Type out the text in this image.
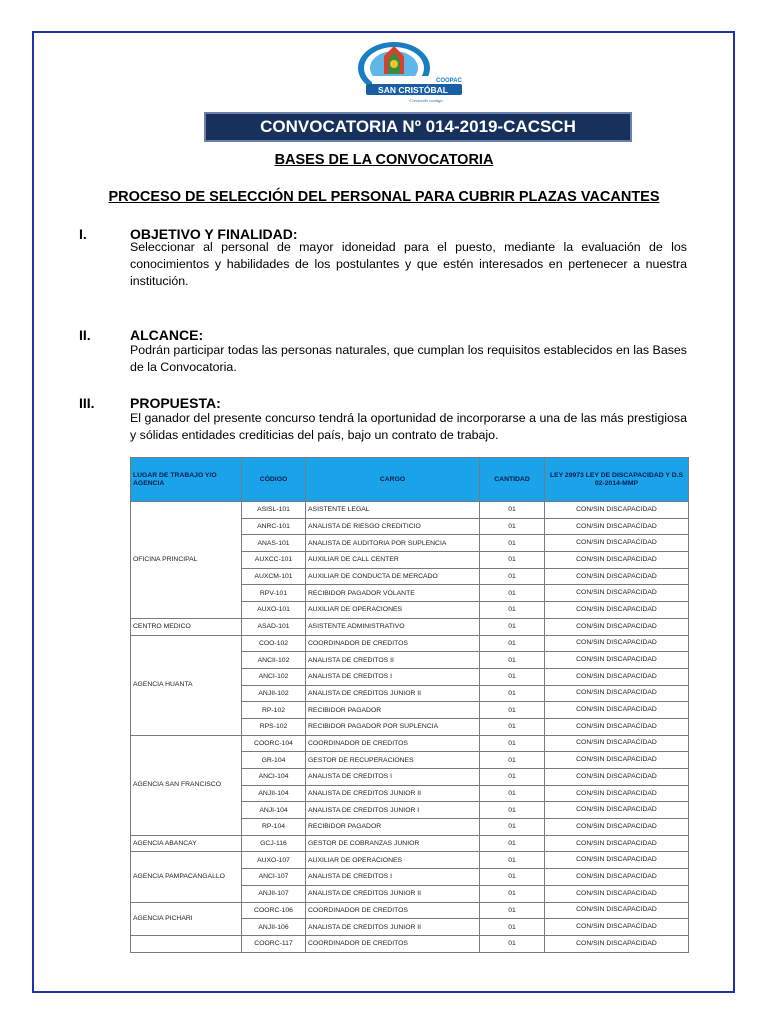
COOPAC
SAN CRISTÓBAL
Creciendo contigo
CONVOCATORIA Nº 014-2019-CACSCH
BASES DE LA CONVOCATORIA
PROCESO DE SELECCIÓN DEL PERSONAL PARA CUBRIR PLAZAS VACANTES
I.	OBJETIVO Y FINALIDAD:
Seleccionar al personal de mayor idoneidad para el puesto, mediante la evaluación de los conocimientos y habilidades de los postulantes y que estén interesados en pertenecer a nuestra institución.
II.	ALCANCE:
Podrán participar todas las personas naturales, que cumplan los requisitos establecidos en las Bases de la Convocatoria.
III.	PROPUESTA:
El ganador del presente concurso tendrá la oportunidad de incorporarse a una de las más prestigiosa y sólidas entidades crediticias del país, bajo un contrato de trabajo.
LUGAR DE TRABAJO Y/O AGENCIA	CÓDIGO	CARGO	CANTIDAD	LEY 29973 LEY DE DISCAPACIDAD Y D.S 02-2014-MMP
OFICINA PRINCIPAL	ASISL-101	ASISTENTE LEGAL	01	CON/SIN DISCAPACIDAD
	ANRC-101	ANALISTA DE RIESGO CREDITICIO	01	CON/SIN DISCAPACIDAD
	ANAS-101	ANALISTA DE AUDITORIA POR SUPLENCIA	01	CON/SIN DISCAPACIDAD
	AUXCC-101	AUXILIAR DE CALL CENTER	01	CON/SIN DISCAPACIDAD
	AUXCM-101	AUXILIAR DE CONDUCTA DE MERCADO	01	CON/SIN DISCAPACIDAD
	RPV-101	RECIBIDOR PAGADOR VOLANTE	01	CON/SIN DISCAPACIDAD
	AUXO-101	AUXILIAR DE OPERACIONES	01	CON/SIN DISCAPACIDAD
CENTRO MEDICO	ASAD-101	ASISTENTE ADMINISTRATIVO	01	CON/SIN DISCAPACIDAD
AGENCIA HUANTA	COO-102	COORDINADOR DE CREDITOS	01	CON/SIN DISCAPACIDAD
	ANCII-102	ANALISTA DE CREDITOS II	01	CON/SIN DISCAPACIDAD
	ANCI-102	ANALISTA DE CREDITOS I	01	CON/SIN DISCAPACIDAD
	ANJII-102	ANALISTA DE CREDITOS JUNIOR II	01	CON/SIN DISCAPACIDAD
	RP-102	RECIBIDOR PAGADOR	01	CON/SIN DISCAPACIDAD
	RPS-102	RECIBIDOR PAGADOR POR SUPLENCIA	01	CON/SIN DISCAPACIDAD
AGENCIA SAN FRANCISCO	COORC-104	COORDINADOR DE CREDITOS	01	CON/SIN DISCAPACIDAD
	GR-104	GESTOR DE RECUPERACIONES	01	CON/SIN DISCAPACIDAD
	ANCI-104	ANALISTA DE CREDITOS I	01	CON/SIN DISCAPACIDAD
	ANJII-104	ANALISTA DE CREDITOS JUNIOR II	01	CON/SIN DISCAPACIDAD
	ANJI-104	ANALISTA DE CREDITOS JUNIOR I	01	CON/SIN DISCAPACIDAD
	RP-104	RECIBIDOR PAGADOR	01	CON/SIN DISCAPACIDAD
AGENCIA ABANCAY	GCJ-116	GESTOR DE COBRANZAS JUNIOR	01	CON/SIN DISCAPACIDAD
AGENCIA PAMPACANGALLO	AUXO-107	AUXILIAR DE OPERACIONES	01	CON/SIN DISCAPACIDAD
	ANCI-107	ANALISTA DE CREDITOS I	01	CON/SIN DISCAPACIDAD
	ANJII-107	ANALISTA DE CREDITOS JUNIOR II	01	CON/SIN DISCAPACIDAD
AGENCIA PICHARI	COORC-106	COORDINADOR DE CREDITOS	01	CON/SIN DISCAPACIDAD
	ANJII-106	ANALISTA DE CREDITOS JUNIOR II	01	CON/SIN DISCAPACIDAD
	COORC-117	COORDINADOR DE CREDITOS	01	CON/SIN DISCAPACIDAD
